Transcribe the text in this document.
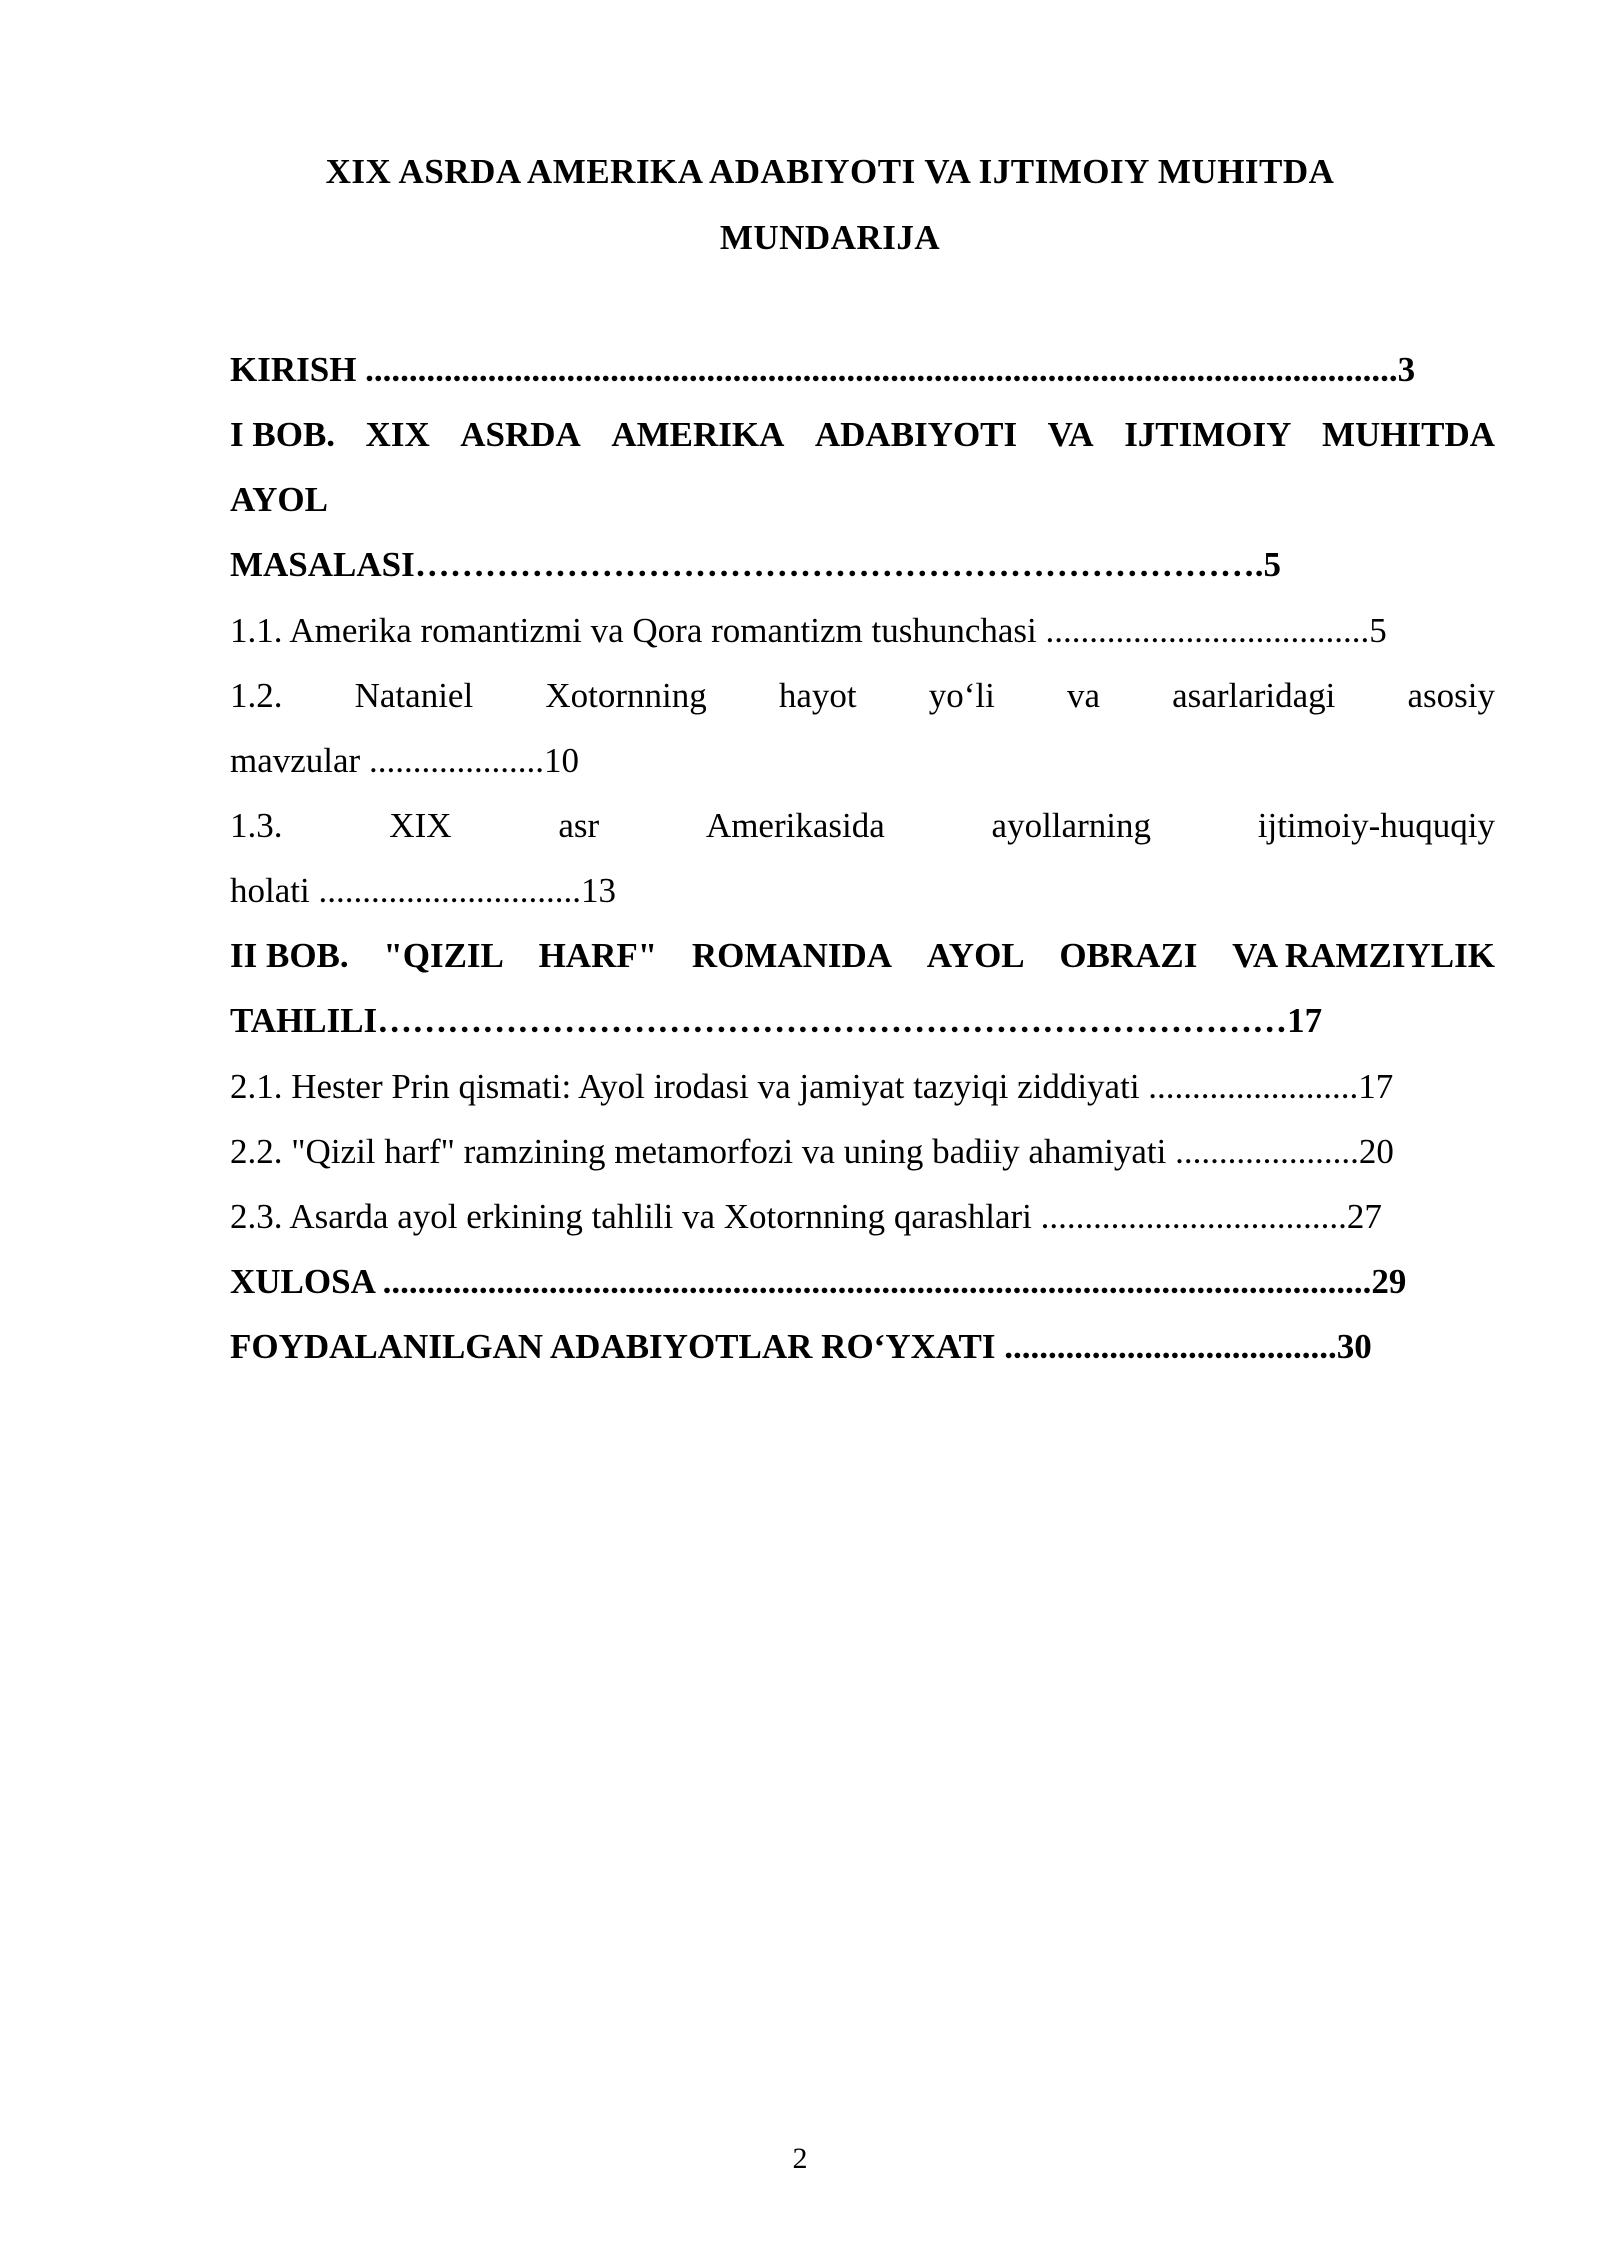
XIX ASRDA AMERIKA ADABIYOTI VA IJTIMOIY MUHITDA
MUNDARIJA
KIRISH ......................................................................................................................3
I BOB. XIX ASRDA AMERIKA ADABIYOTI VA IJTIMOIY MUHITDA
AYOL
MASALASI……………………………………………………………….5
1.1. Amerika romantizmi va Qora romantizm tushunchasi .....................................5
1.2. Nataniel Xotornning hayot yo‘li va asarlaridagi asosiy
mavzular ....................10
1.3.	XIX	asr	Amerikasida	ayollarning	ijtimoiy-huquqiy
holati ..............................13
II BOB. "QIZIL HARF" ROMANIDA AYOL OBRAZI VA RAMZIYLIK
TAHLILI……………………………………………………………………17
2.1. Hester Prin qismati: Ayol irodasi va jamiyat tazyiqi ziddiyati ........................17
2.2. "Qizil harf" ramzining metamorfozi va uning badiiy ahamiyati .....................20
2.3. Asarda ayol erkining tahlili va Xotornning qarashlari ...................................27
XULOSA .................................................................................................................29
FOYDALANILGAN ADABIYOTLAR RO‘YXATI ......................................30
2
